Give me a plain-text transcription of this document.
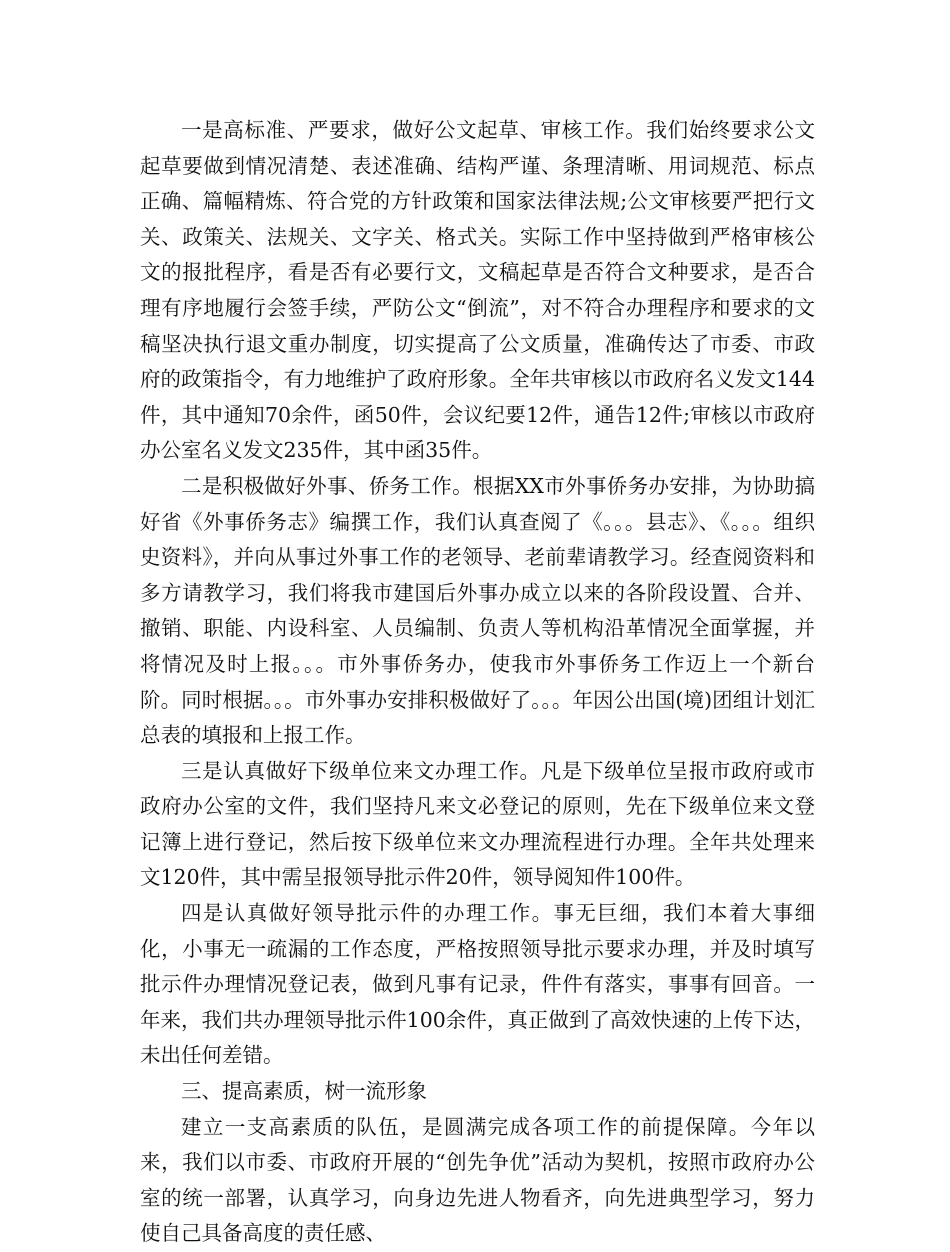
一是高标准、严要求，做好公文起草、审核工作。我们始终要求公文起草要做到情况清楚、表述准确、结构严谨、条理清晰、用词规范、标点正确、篇幅精炼、符合党的方针政策和国家法律法规;公文审核要严把行文关、政策关、法规关、文字关、格式关。实际工作中坚持做到严格审核公文的报批程序，看是否有必要行文，文稿起草是否符合文种要求，是否合理有序地履行会签手续，严防公文“倒流”，对不符合办理程序和要求的文稿坚决执行退文重办制度，切实提高了公文质量，准确传达了市委、市政府的政策指令，有力地维护了政府形象。全年共审核以市政府名义发文144件，其中通知70余件，函50件，会议纪要12件，通告12件;审核以市政府办公室名义发文235件，其中函35件。

二是积极做好外事、侨务工作。根据XX市外事侨务办安排，为协助搞好省《外事侨务志》编撰工作，我们认真查阅了《。。。县志》、《。。。组织史资料》，并向从事过外事工作的老领导、老前辈请教学习。经查阅资料和多方请教学习，我们将我市建国后外事办成立以来的各阶段设置、合并、撤销、职能、内设科室、人员编制、负责人等机构沿革情况全面掌握，并将情况及时上报。。。市外事侨务办，使我市外事侨务工作迈上一个新台阶。同时根据。。。市外事办安排积极做好了。。。年因公出国(境)团组计划汇总表的填报和上报工作。

三是认真做好下级单位来文办理工作。凡是下级单位呈报市政府或市政府办公室的文件，我们坚持凡来文必登记的原则，先在下级单位来文登记簿上进行登记，然后按下级单位来文办理流程进行办理。全年共处理来文120件，其中需呈报领导批示件20件，领导阅知件100件。

四是认真做好领导批示件的办理工作。事无巨细，我们本着大事细化，小事无一疏漏的工作态度，严格按照领导批示要求办理，并及时填写批示件办理情况登记表，做到凡事有记录，件件有落实，事事有回音。一年来，我们共办理领导批示件100余件，真正做到了高效快速的上传下达，未出任何差错。

三、提高素质，树一流形象

建立一支高素质的队伍，是圆满完成各项工作的前提保障。今年以来，我们以市委、市政府开展的“创先争优”活动为契机，按照市政府办公室的统一部署，认真学习，向身边先进人物看齐，向先进典型学习，努力使自己具备高度的责任感、
